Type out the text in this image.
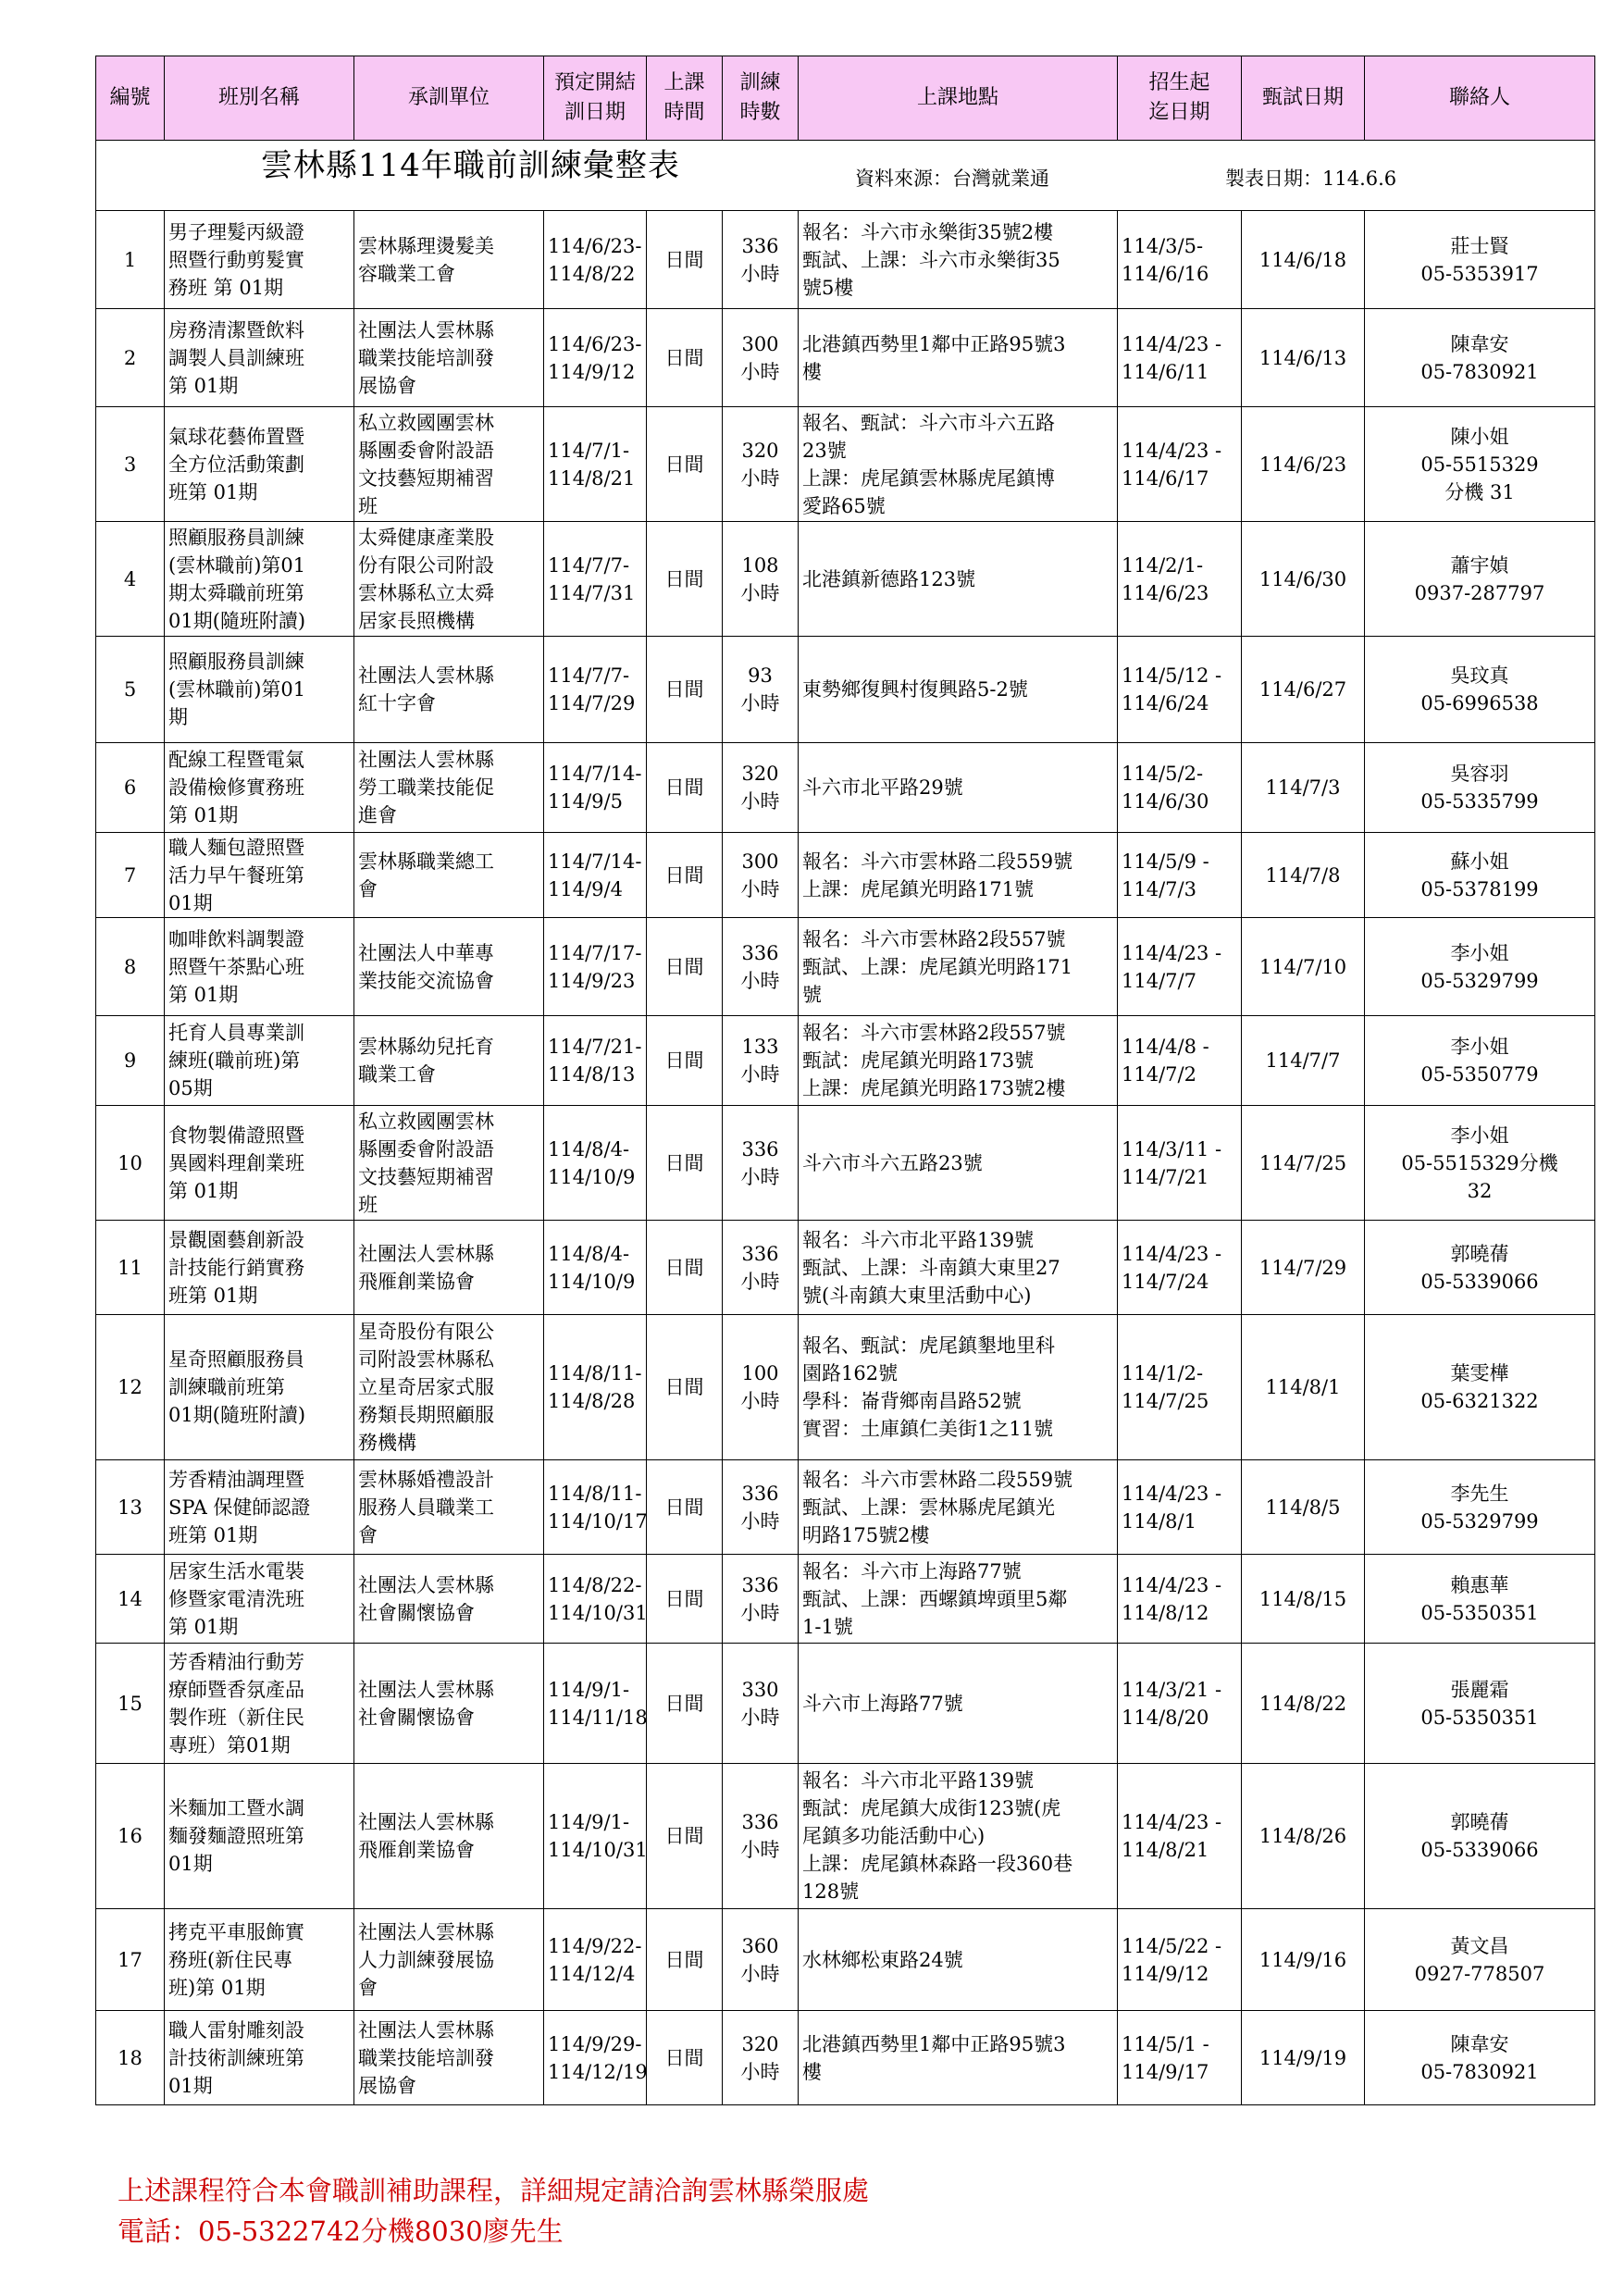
雲林縣114年職前訓練彙整表 資料來源：台灣就業通 製表日期：114.6.6									

編號	班別名稱	承訓單位	預定開結
訓日期	上課
時間	訓練
時數	上課地點	招生起
迄日期	甄試日期	聯絡人
1	男子理髮丙級證
照暨行動剪髮實
務班 第 01期	雲林縣理燙髮美
容職業工會	114/6/23-
114/8/22	日間	336
小時	報名：斗六市永樂街35號2樓
甄試、上課：斗六市永樂街35
號5樓	114/3/5-
114/6/16	114/6/18	莊士賢
05-5353917
2	房務清潔暨飲料
調製人員訓練班
第 01期	社團法人雲林縣
職業技能培訓發
展協會	114/6/23-
114/9/12	日間	300
小時	北港鎮西勢里1鄰中正路95號3
樓	114/4/23 -
114/6/11	114/6/13	陳韋安
05-7830921
3	氣球花藝佈置暨
全方位活動策劃
班第 01期	私立救國團雲林
縣團委會附設語
文技藝短期補習
班	114/7/1-
114/8/21	日間	320
小時	報名、甄試：斗六市斗六五路
23號
上課：虎尾鎮雲林縣虎尾鎮博
愛路65號	114/4/23 -
114/6/17	114/6/23	陳小姐
05-5515329
分機 31
4	照顧服務員訓練
(雲林職前)第01
期太舜職前班第
01期(隨班附讀)	太舜健康產業股
份有限公司附設
雲林縣私立太舜
居家長照機構	114/7/7-
114/7/31	日間	108
小時	北港鎮新德路123號	114/2/1-
114/6/23	114/6/30	蕭宇媜
0937-287797
5	照顧服務員訓練
(雲林職前)第01
期	社團法人雲林縣
紅十字會	114/7/7-
114/7/29	日間	93
小時	東勢鄉復興村復興路5-2號	114/5/12 -
114/6/24	114/6/27	吳玟真
05-6996538
6	配線工程暨電氣
設備檢修實務班
第 01期	社團法人雲林縣
勞工職業技能促
進會	114/7/14-
114/9/5	日間	320
小時	斗六市北平路29號	114/5/2-
114/6/30	114/7/3	吳容羽
05-5335799
7	職人麵包證照暨
活力早午餐班第
01期	雲林縣職業總工
會	114/7/14-
114/9/4	日間	300
小時	報名：斗六市雲林路二段559號
上課：虎尾鎮光明路171號	114/5/9 -
114/7/3	114/7/8	蘇小姐
05-5378199
8	咖啡飲料調製證
照暨午茶點心班
第 01期	社團法人中華專
業技能交流協會	114/7/17-
114/9/23	日間	336
小時	報名：斗六市雲林路2段557號
甄試、上課：虎尾鎮光明路171
號	114/4/23 -
114/7/7	114/7/10	李小姐
05-5329799
9	托育人員專業訓
練班(職前班)第
05期	雲林縣幼兒托育
職業工會	114/7/21-
114/8/13	日間	133
小時	報名：斗六市雲林路2段557號
甄試：虎尾鎮光明路173號
上課：虎尾鎮光明路173號2樓	114/4/8 -
114/7/2	114/7/7	李小姐
05-5350779
10	食物製備證照暨
異國料理創業班
第 01期	私立救國團雲林
縣團委會附設語
文技藝短期補習
班	114/8/4-
114/10/9	日間	336
小時	斗六市斗六五路23號	114/3/11 -
114/7/21	114/7/25	李小姐
05-5515329分機
32
11	景觀園藝創新設
計技能行銷實務
班第 01期	社團法人雲林縣
飛雁創業協會	114/8/4-
114/10/9	日間	336
小時	報名：斗六市北平路139號
甄試、上課：斗南鎮大東里27
號(斗南鎮大東里活動中心)	114/4/23 -
114/7/24	114/7/29	郭曉蒨
05-5339066
12	星奇照顧服務員
訓練職前班第
01期(隨班附讀)	星奇股份有限公
司附設雲林縣私
立星奇居家式服
務類長期照顧服
務機構	114/8/11-
114/8/28	日間	100
小時	報名、甄試：虎尾鎮墾地里科
園路162號
學科：崙背鄉南昌路52號
實習：土庫鎮仁美街1之11號	114/1/2-
114/7/25	114/8/1	葉雯樺
05-6321322
13	芳香精油調理暨
SPA 保健師認證
班第 01期	雲林縣婚禮設計
服務人員職業工
會	114/8/11-
114/10/17	日間	336
小時	報名：斗六市雲林路二段559號
甄試、上課：雲林縣虎尾鎮光
明路175號2樓	114/4/23 -
114/8/1	114/8/5	李先生
05-5329799
14	居家生活水電裝
修暨家電清洗班
第 01期	社團法人雲林縣
社會關懷協會	114/8/22-
114/10/31	日間	336
小時	報名：斗六市上海路77號
甄試、上課：西螺鎮埤頭里5鄰
1-1號	114/4/23 -
114/8/12	114/8/15	賴惠華
05-5350351
15	芳香精油行動芳
療師暨香氛產品
製作班（新住民
專班）第01期	社團法人雲林縣
社會關懷協會	114/9/1-
114/11/18	日間	330
小時	斗六市上海路77號	114/3/21 -
114/8/20	114/8/22	張麗霜
05-5350351
16	米麵加工暨水調
麵發麵證照班第
01期	社團法人雲林縣
飛雁創業協會	114/9/1-
114/10/31	日間	336
小時	報名：斗六市北平路139號
甄試：虎尾鎮大成街123號(虎
尾鎮多功能活動中心)
上課：虎尾鎮林森路一段360巷
128號	114/4/23 -
114/8/21	114/8/26	郭曉蒨
05-5339066
17	拷克平車服飾實
務班(新住民專
班)第 01期	社團法人雲林縣
人力訓練發展協
會	114/9/22-
114/12/4	日間	360
小時	水林鄉松東路24號	114/5/22 -
114/9/12	114/9/16	黃文昌
0927-778507
18	職人雷射雕刻設
計技術訓練班第
01期	社團法人雲林縣
職業技能培訓發
展協會	114/9/29-
114/12/19	日間	320
小時	北港鎮西勢里1鄰中正路95號3
樓	114/5/1 -
114/9/17	114/9/19	陳韋安
05-7830921
上述課程符合本會職訓補助課程，詳細規定請洽詢雲林縣榮服處
電話：05-5322742分機8030廖先生
